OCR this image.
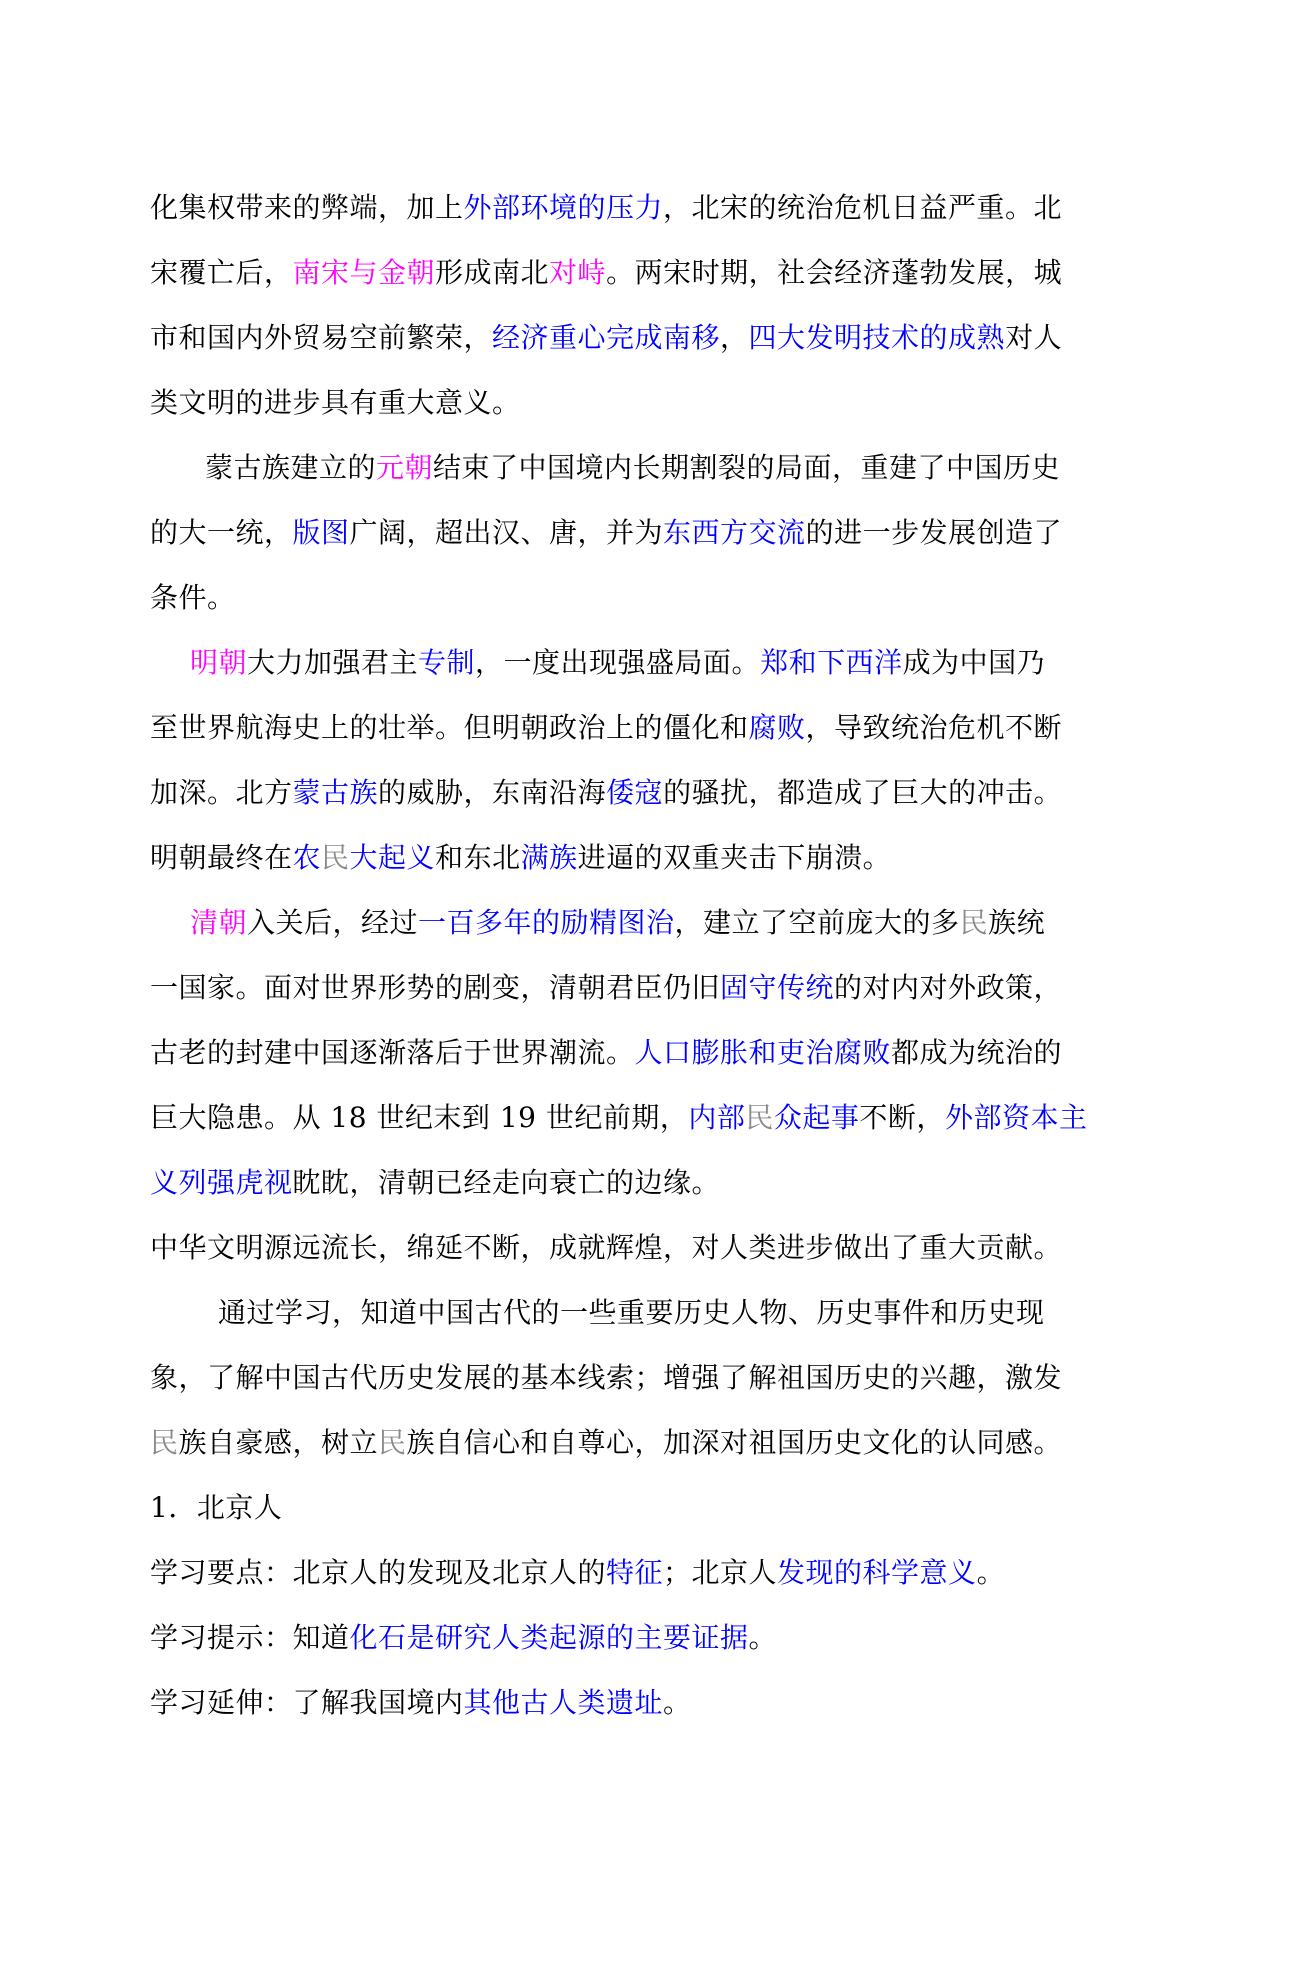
化集权带来的弊端，加上外部环境的压力，北宋的统治危机日益严重。北
宋覆亡后，南宋与金朝形成南北对峙。两宋时期，社会经济蓬勃发展，城
市和国内外贸易空前繁荣，经济重心完成南移，四大发明技术的成熟对人
类文明的进步具有重大意义。
蒙古族建立的元朝结束了中国境内长期割裂的局面，重建了中国历史
的大一统，版图广阔，超出汉、唐，并为东西方交流的进一步发展创造了
条件。
明朝大力加强君主专制，一度出现强盛局面。郑和下西洋成为中国乃
至世界航海史上的壮举。但明朝政治上的僵化和腐败，导致统治危机不断
加深。北方蒙古族的威胁，东南沿海倭寇的骚扰，都造成了巨大的冲击。
明朝最终在农民大起义和东北满族进逼的双重夹击下崩溃。
清朝入关后，经过一百多年的励精图治，建立了空前庞大的多民族统
一国家。面对世界形势的剧变，清朝君臣仍旧固守传统的对内对外政策，
古老的封建中国逐渐落后于世界潮流。人口膨胀和吏治腐败都成为统治的
巨大隐患。从 18 世纪末到 19 世纪前期，内部民众起事不断，外部资本主
义列强虎视眈眈，清朝已经走向衰亡的边缘。
中华文明源远流长，绵延不断，成就辉煌，对人类进步做出了重大贡献。
通过学习，知道中国古代的一些重要历史人物、历史事件和历史现
象，了解中国古代历史发展的基本线索；增强了解祖国历史的兴趣，激发
民族自豪感，树立民族自信心和自尊心，加深对祖国历史文化的认同感。
1．北京人
学习要点：北京人的发现及北京人的特征；北京人发现的科学意义。
学习提示：知道化石是研究人类起源的主要证据。
学习延伸：了解我国境内其他古人类遗址。
